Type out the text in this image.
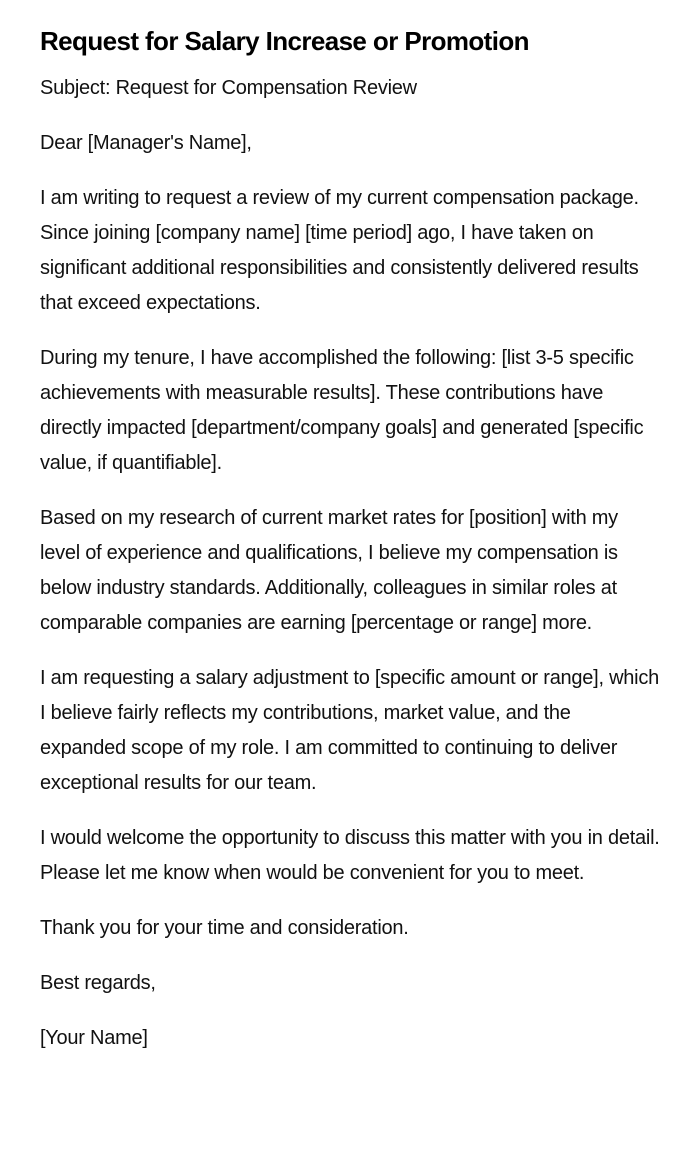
Request for Salary Increase or Promotion

Subject: Request for Compensation Review

Dear [Manager's Name],

I am writing to request a review of my current compensation package. Since joining [company name] [time period] ago, I have taken on significant additional responsibilities and consistently delivered results that exceed expectations.

During my tenure, I have accomplished the following: [list 3-5 specific achievements with measurable results]. These contributions have directly impacted [department/company goals] and generated [specific value, if quantifiable].

Based on my research of current market rates for [position] with my level of experience and qualifications, I believe my compensation is below industry standards. Additionally, colleagues in similar roles at comparable companies are earning [percentage or range] more.

I am requesting a salary adjustment to [specific amount or range], which I believe fairly reflects my contributions, market value, and the expanded scope of my role. I am committed to continuing to deliver exceptional results for our team.

I would welcome the opportunity to discuss this matter with you in detail. Please let me know when would be convenient for you to meet.

Thank you for your time and consideration.

Best regards,

[Your Name]
